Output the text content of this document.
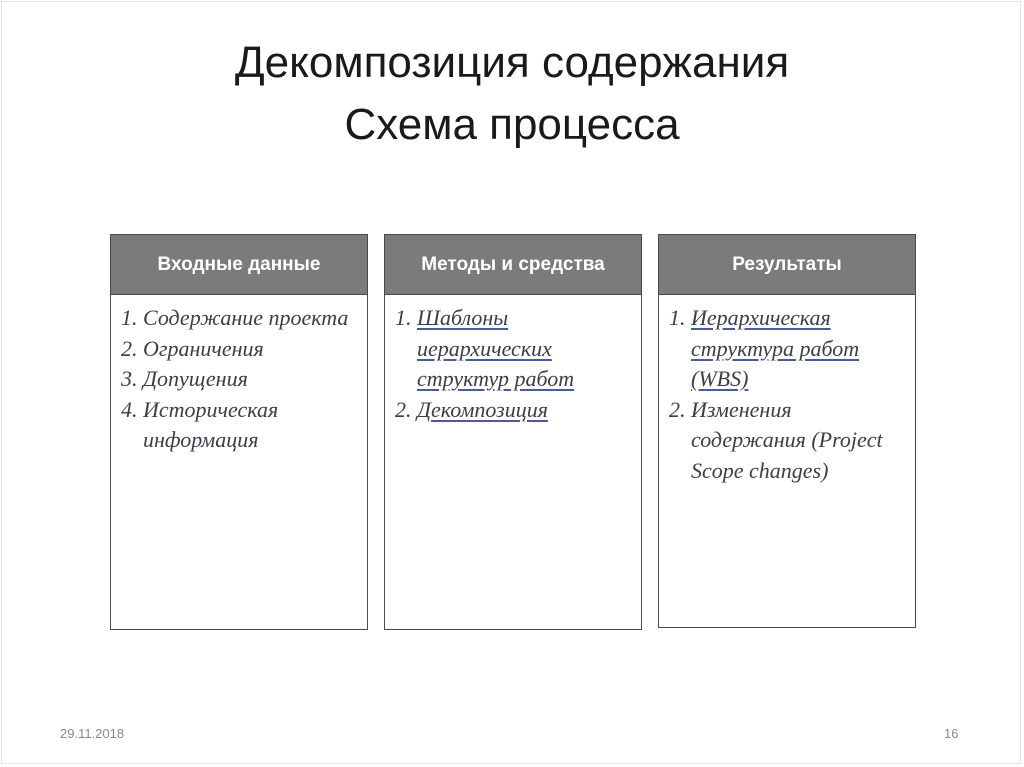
Декомпозиция содержания
Схема процесса
Входные данные
1. Содержание проекта
2. Ограничения
3. Допущения
4. Историческая информация
Методы и средства
1. Шаблоны иерархических структур работ
2. Декомпозиция
Результаты
1. Иерархическая структура работ (WBS)
2. Изменения содержания (Project Scope changes)
29.11.2018	16
